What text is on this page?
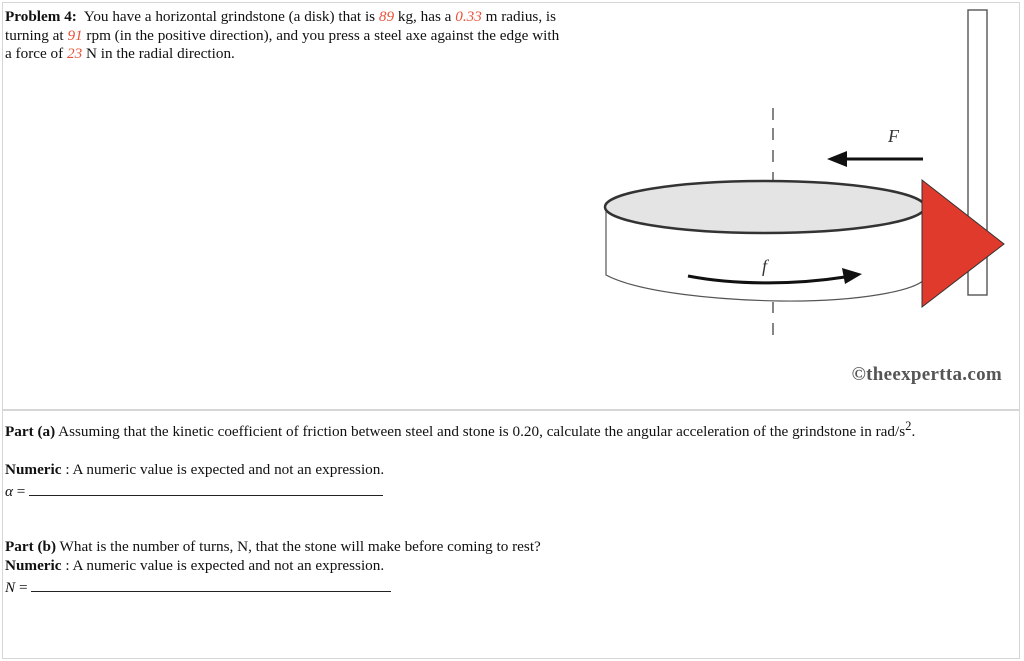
Problem 4: You have a horizontal grindstone (a disk) that is 89 kg, has a 0.33 m radius, is turning at 91 rpm (in the positive direction), and you press a steel axe against the edge with a force of 23 N in the radial direction.
F
f
©theexpertta.com
Part (a) Assuming that the kinetic coefficient of friction between steel and stone is 0.20, calculate the angular acceleration of the grindstone in rad/$s^2$.
Numeric : A numeric value is expected and not an expression.
α =
Part (b) What is the number of turns, N, that the stone will make before coming to rest?
Numeric : A numeric value is expected and not an expression.
N =
